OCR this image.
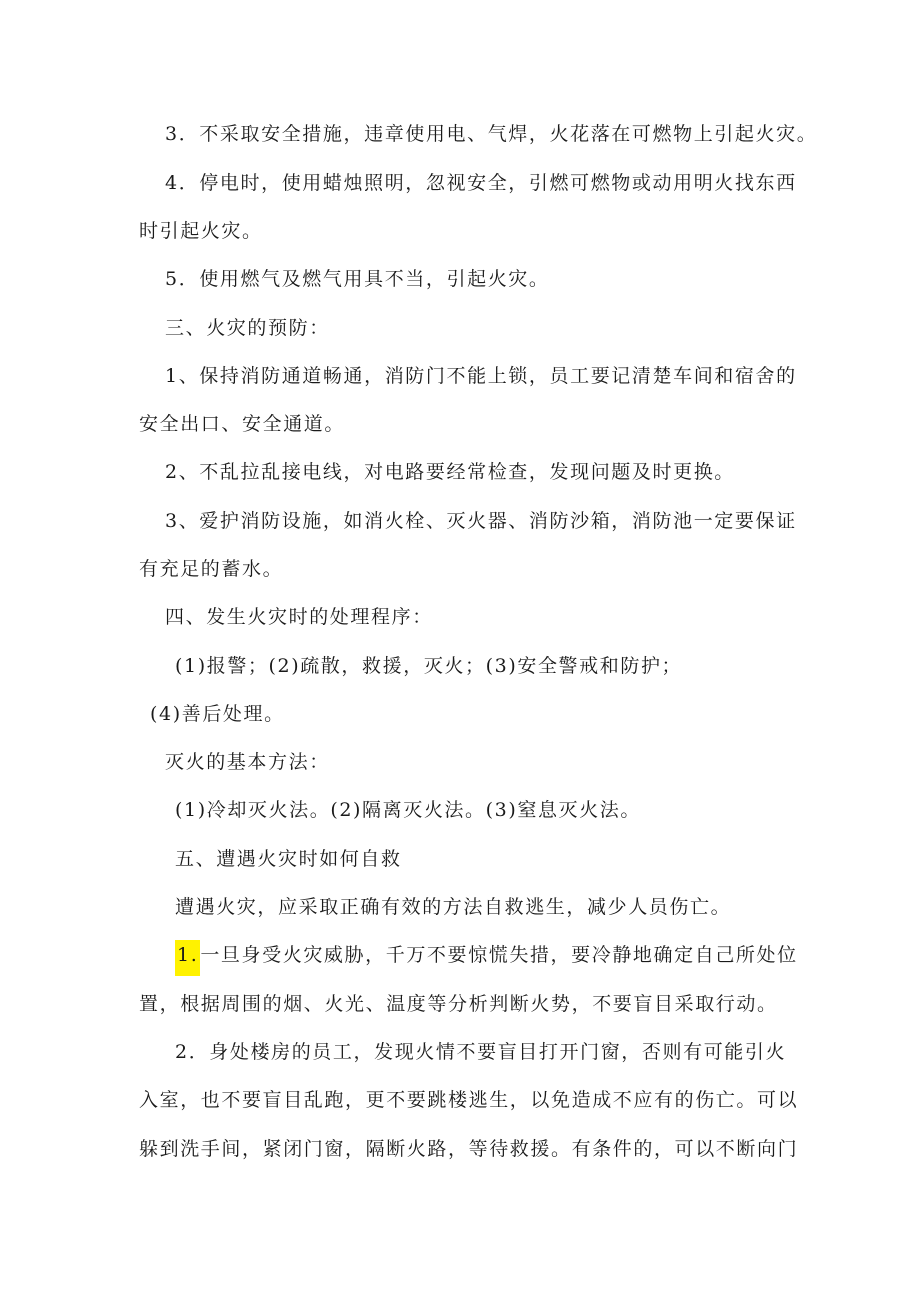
3．不采取安全措施，违章使用电、气焊，火花落在可燃物上引起火灾。
4．停电时，使用蜡烛照明，忽视安全，引燃可燃物或动用明火找东西
时引起火灾。
5．使用燃气及燃气用具不当，引起火灾。
三、火灾的预防：
1、保持消防通道畅通，消防门不能上锁，员工要记清楚车间和宿舍的
安全出口、安全通道。
2、不乱拉乱接电线，对电路要经常检查，发现问题及时更换。
3、爱护消防设施，如消火栓、灭火器、消防沙箱，消防池一定要保证
有充足的蓄水。
四、发生火灾时的处理程序：
(1)报警；(2)疏散，救援，灭火；(3)安全警戒和防护；
(4)善后处理。
灭火的基本方法：
(1)冷却灭火法。(2)隔离灭火法。(3)窒息灭火法。
五、遭遇火灾时如何自救
遭遇火灾，应采取正确有效的方法自救逃生，减少人员伤亡。
1. 一旦身受火灾威胁，千万不要惊慌失措，要冷静地确定自己所处位
置，根据周围的烟、火光、温度等分析判断火势，不要盲目采取行动。
2．身处楼房的员工，发现火情不要盲目打开门窗，否则有可能引火
入室，也不要盲目乱跑，更不要跳楼逃生，以免造成不应有的伤亡。可以
躲到洗手间，紧闭门窗，隔断火路，等待救援。有条件的，可以不断向门
